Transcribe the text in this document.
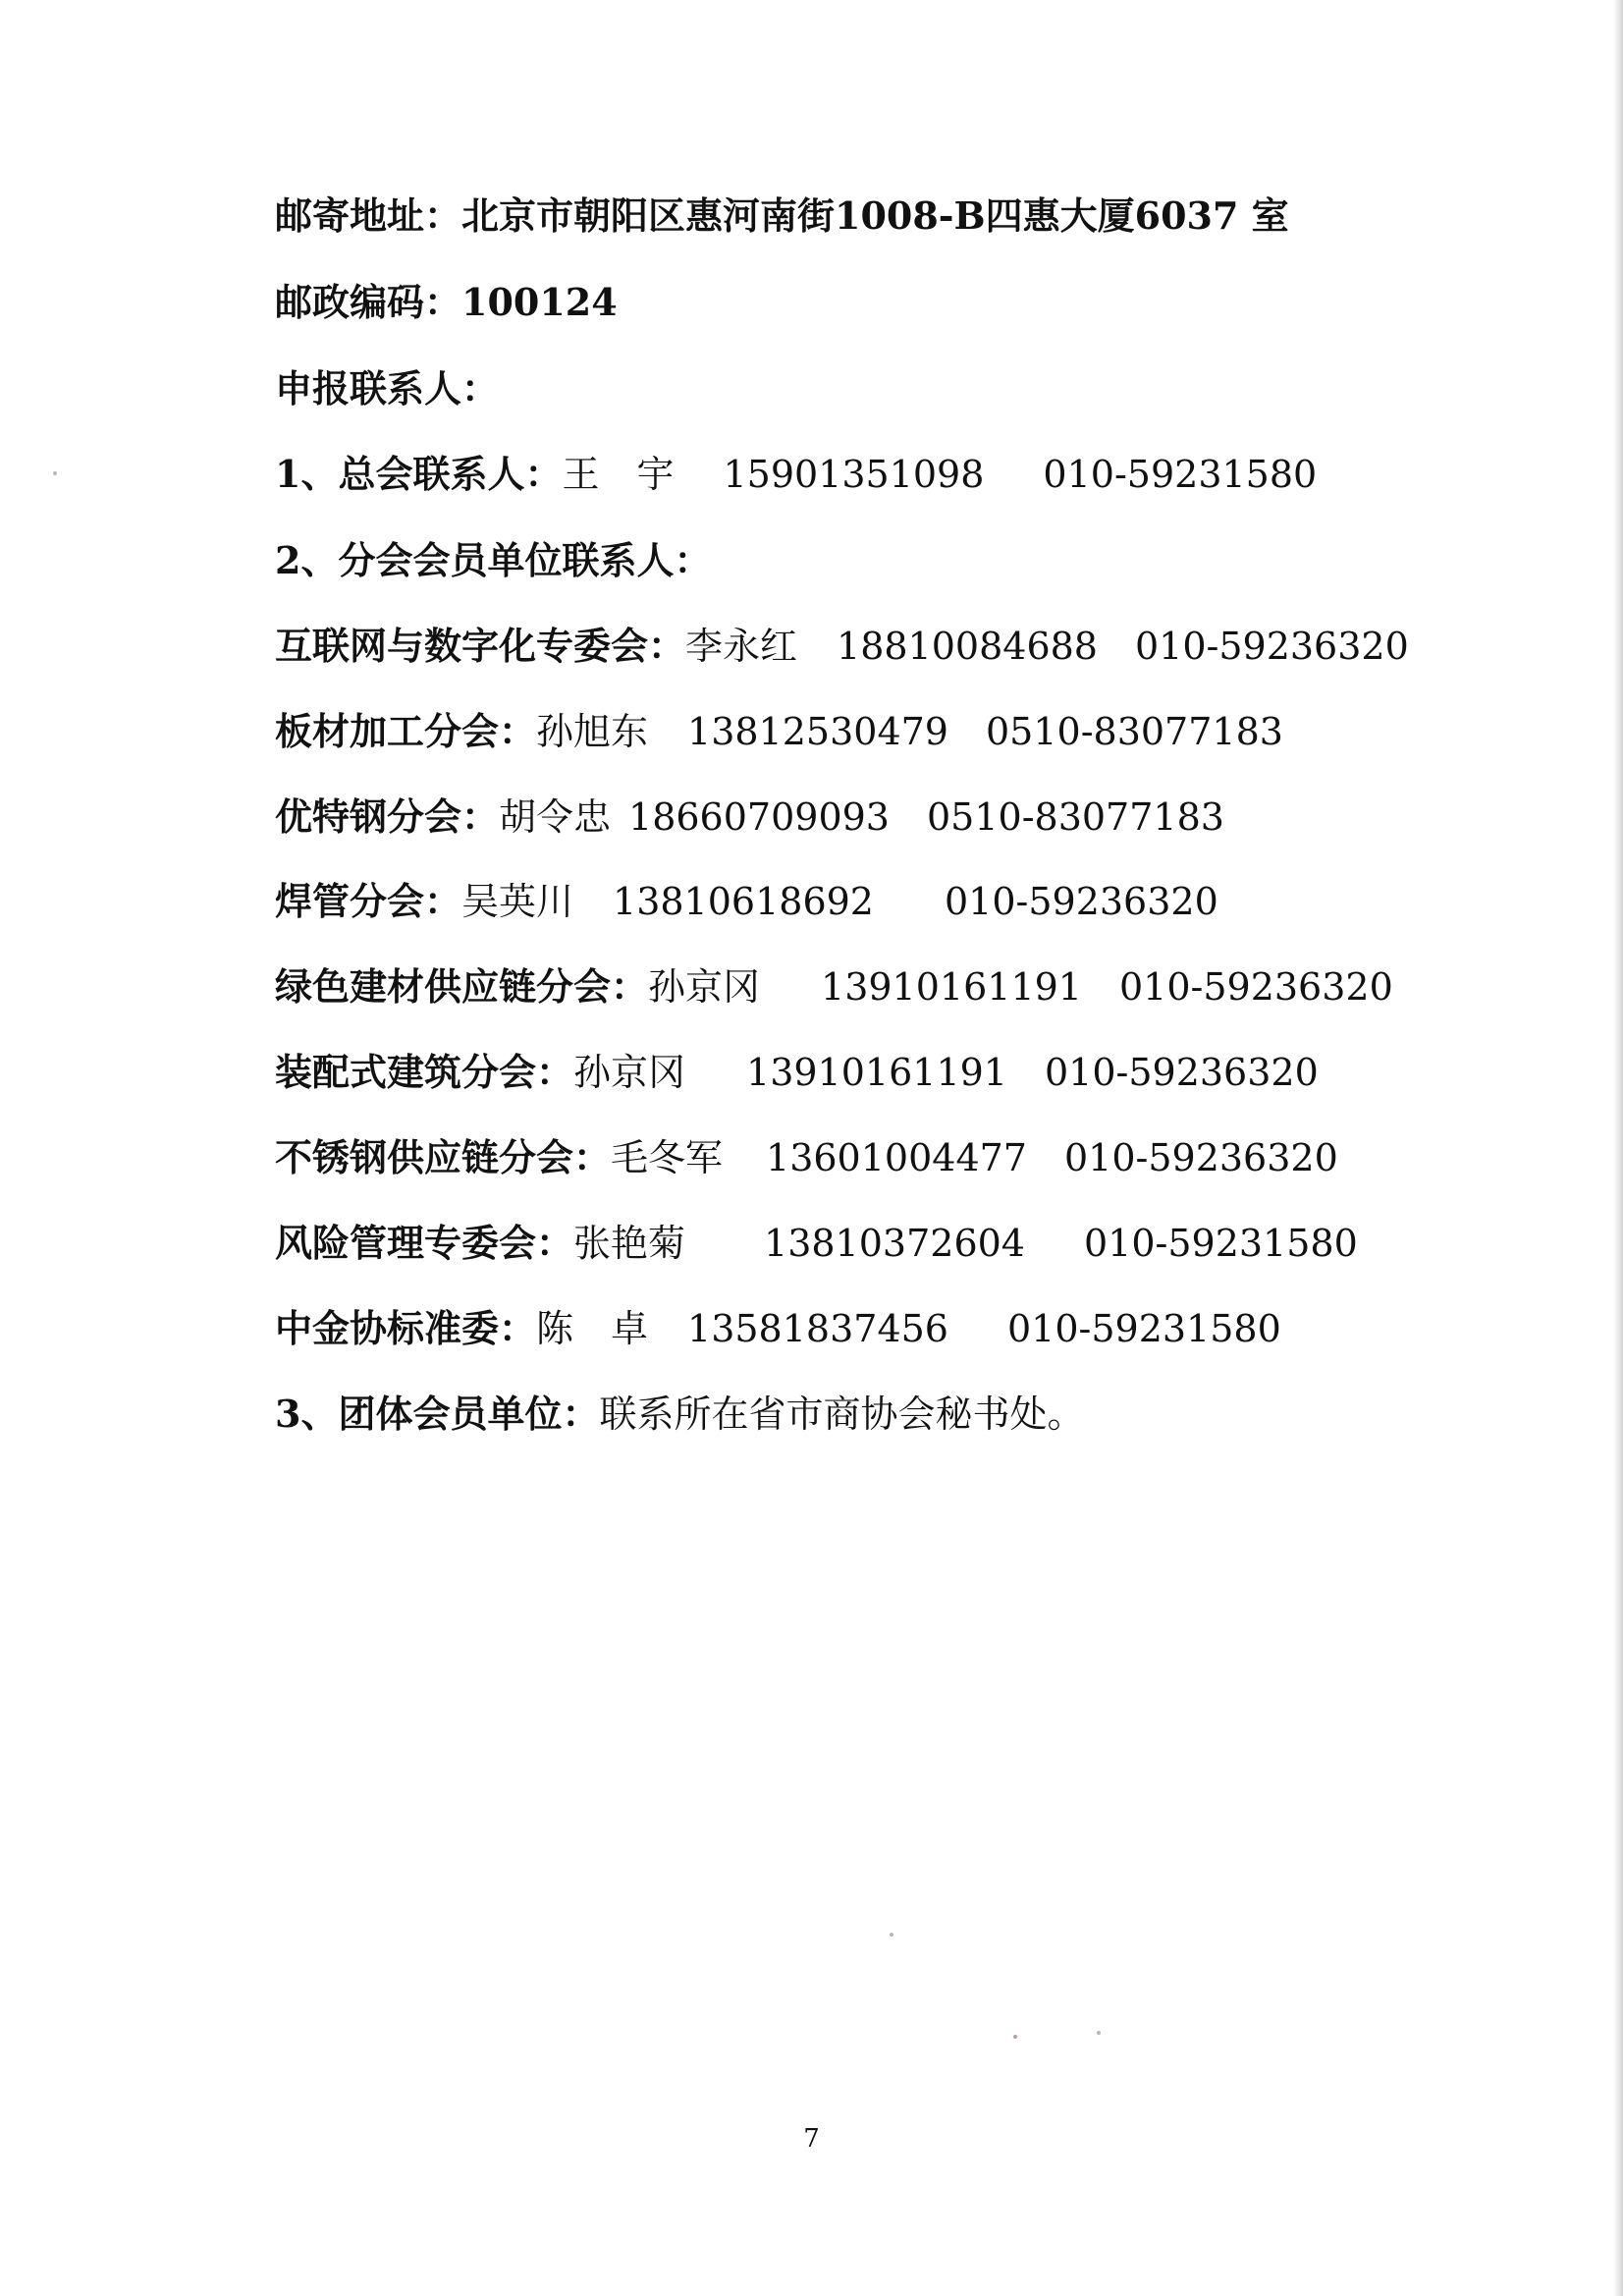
邮寄地址：北京市朝阳区惠河南街1008-B四惠大厦6037 室
邮政编码：100124
申报联系人：
1、总会联系人：王　宇 15901351098 010-59231580
2、分会会员单位联系人：
互联网与数字化专委会：李永红 18810084688 010-59236320
板材加工分会：孙旭东 13812530479 0510-83077183
优特钢分会：胡令忠 18660709093 0510-83077183
焊管分会：吴英川 13810618692 010-59236320
绿色建材供应链分会：孙京冈 13910161191 010-59236320
装配式建筑分会：孙京冈 13910161191 010-59236320
不锈钢供应链分会：毛冬军 13601004477 010-59236320
风险管理专委会：张艳菊 13810372604 010-59231580
中金协标准委：陈　卓 13581837456 010-59231580
3、团体会员单位：联系所在省市商协会秘书处。
7
